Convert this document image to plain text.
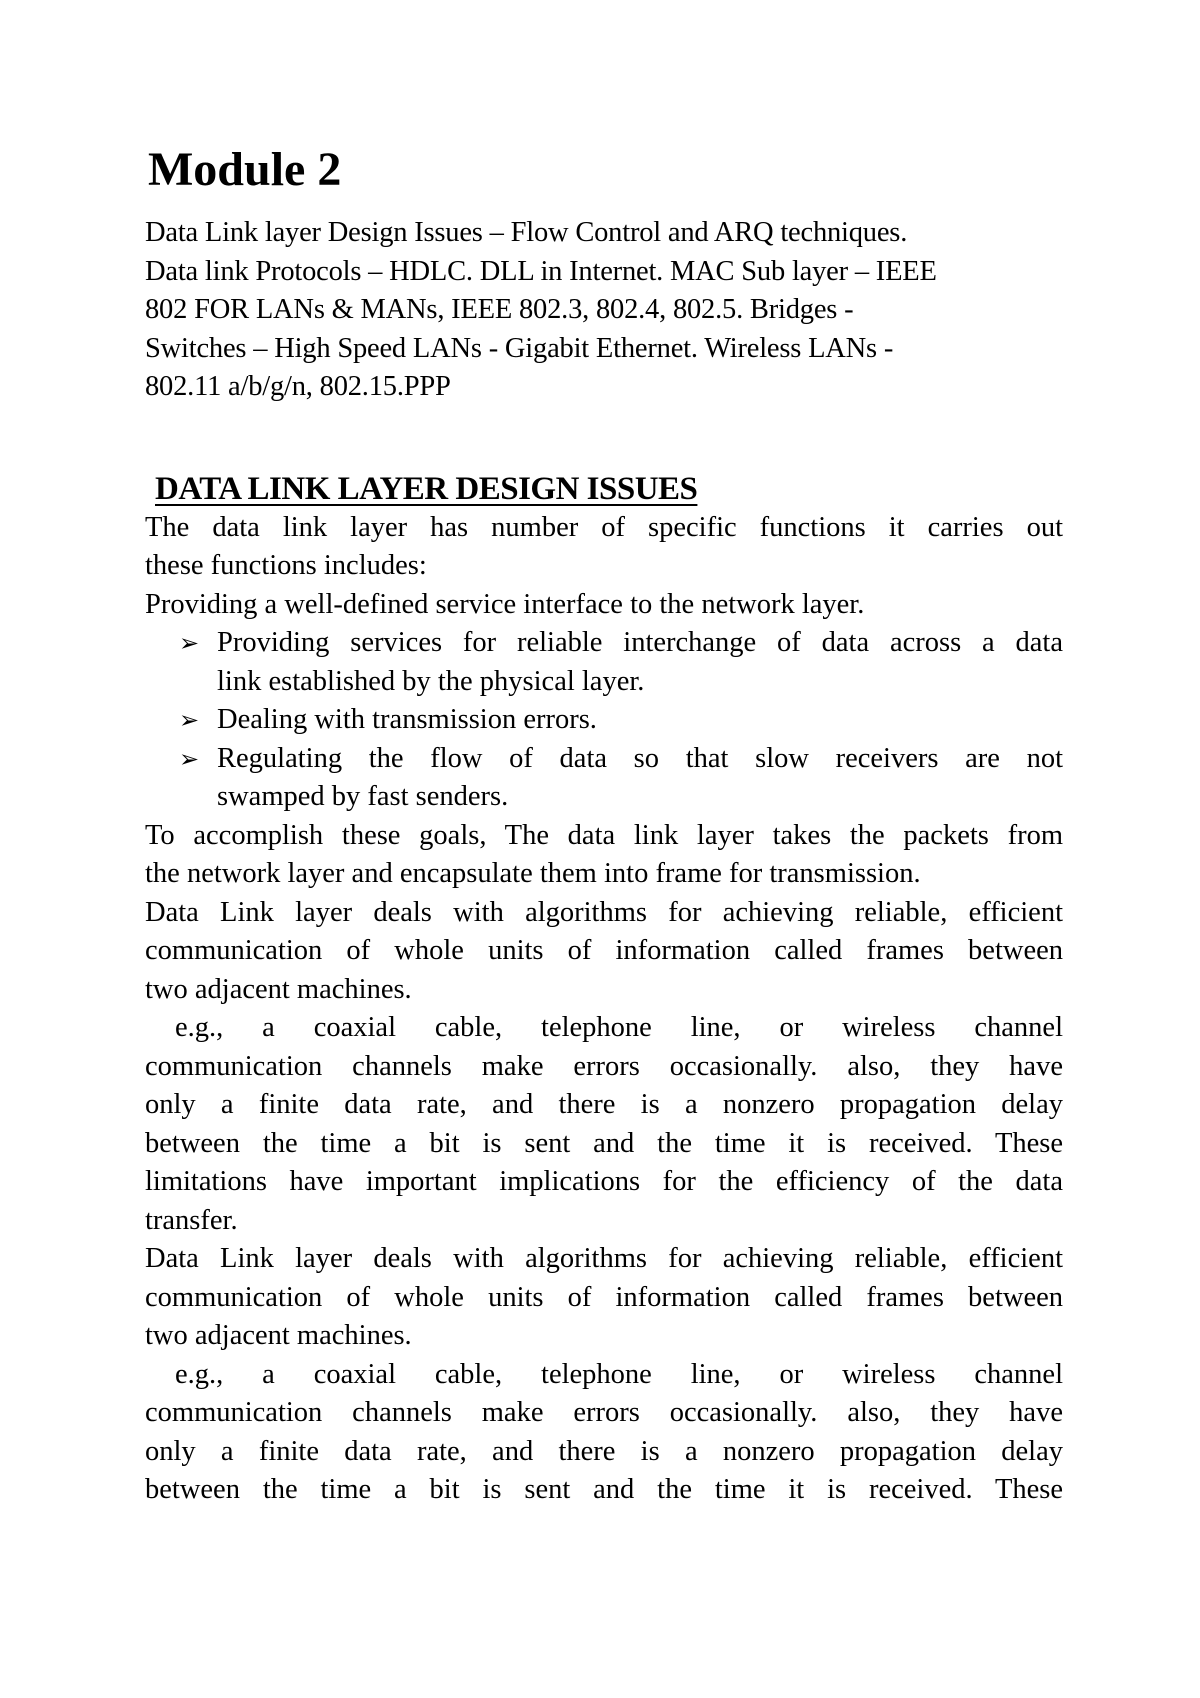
Module 2
Data Link layer Design Issues – Flow Control and ARQ techniques.
Data link Protocols – HDLC. DLL in Internet. MAC Sub layer – IEEE
802 FOR LANs & MANs, IEEE 802.3, 802.4, 802.5. Bridges -
Switches – High Speed LANs - Gigabit Ethernet. Wireless LANs -
802.11 a/b/g/n, 802.15.PPP
DATA LINK LAYER DESIGN ISSUES

The data link layer has number of specific functions it carries out
these functions includes:

Providing a well-defined service interface to the network layer.

➢ Providing services for reliable interchange of data across a data
link established by the physical layer.
➢ Dealing with transmission errors.
➢ Regulating the flow of data so that slow receivers are not
swamped by fast senders.

To accomplish these goals, The data link layer takes the packets from
the network layer and encapsulate them into frame for transmission.

Data Link layer deals with algorithms for achieving reliable, efficient
communication of whole units of information called frames between
two adjacent machines.

e.g., a coaxial cable, telephone line, or wireless channel
communication channels make errors occasionally. also, they have
only a finite data rate, and there is a nonzero propagation delay
between the time a bit is sent and the time it is received. These
limitations have important implications for the efficiency of the data
transfer.

Data Link layer deals with algorithms for achieving reliable, efficient
communication of whole units of information called frames between
two adjacent machines.

e.g., a coaxial cable, telephone line, or wireless channel
communication channels make errors occasionally. also, they have
only a finite data rate, and there is a nonzero propagation delay
between the time a bit is sent and the time it is received. These
